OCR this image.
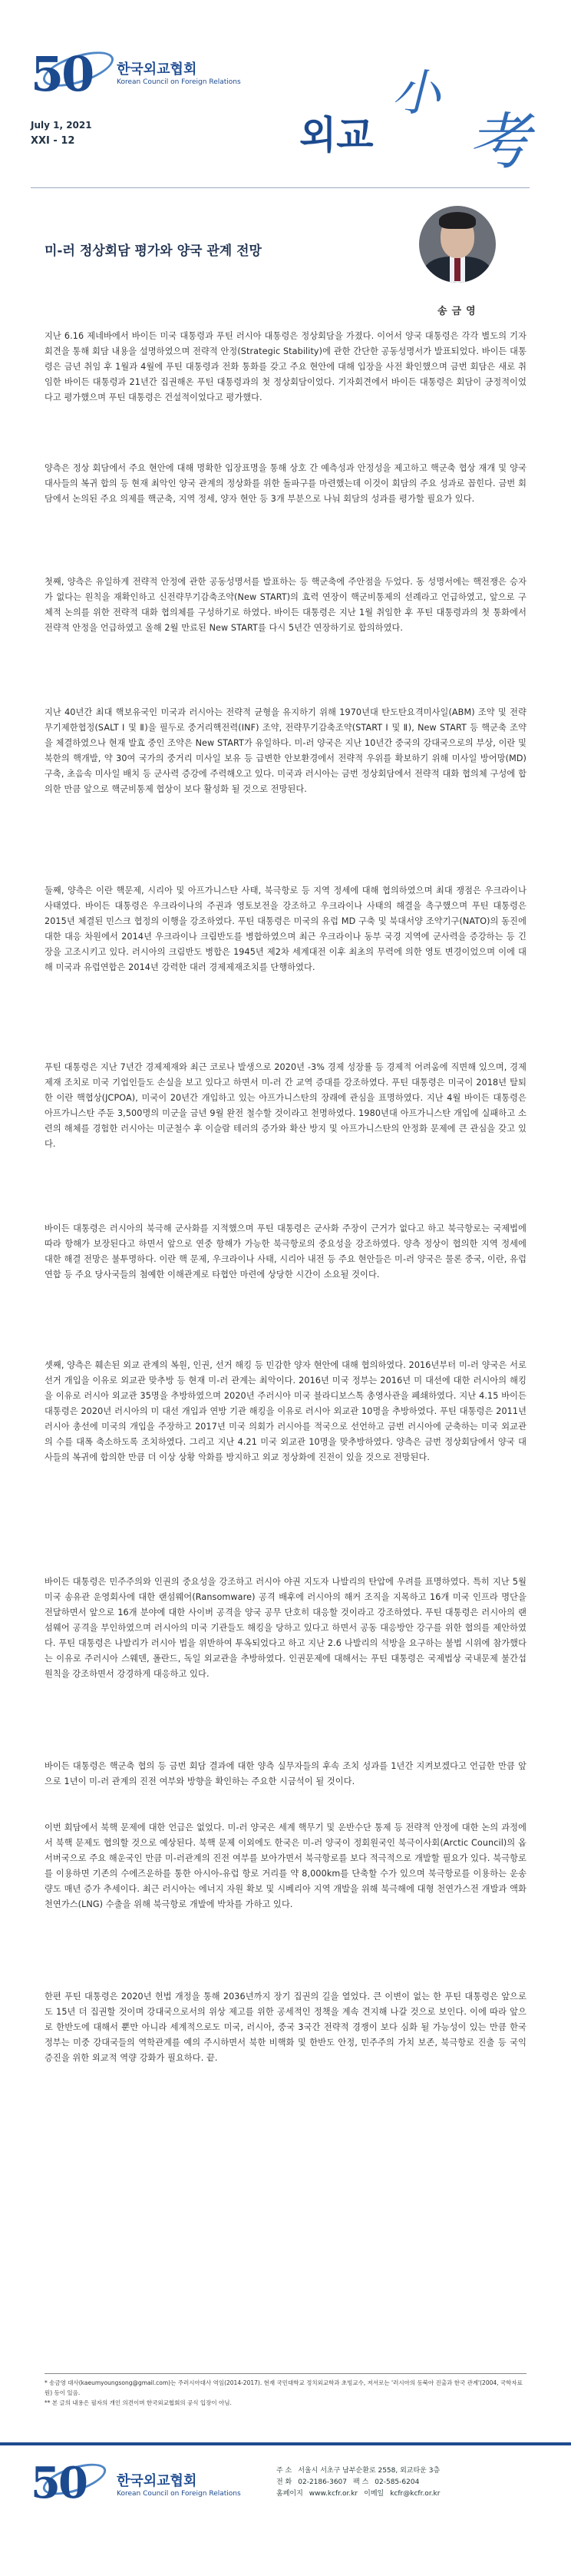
50 한국외교협회
Korean Council on Foreign Relations
July 1, 2021
XXI - 12
小
외교 考
미-러 정상회담 평가와 양국 관계 전망
송금영
지난 6.16 제네바에서 바이든 미국 대통령과 푸틴 러시아 대통령은 정상회담을 가졌다. 이어서 양국 대통령은 각각 별도의 기자회견을 통해 회담 내용을 설명하였으며 전략적 안정(Strategic Stability)에 관한 간단한 공동성명서가 발표되었다. 바이든 대통령은 금년 취임 후 1월과 4월에 푸틴 대통령과 전화 통화를 갖고 주요 현안에 대해 입장을 사전 확인했으며 금번 회담은 새로 취임한 바이든 대통령과 21년간 집권해온 푸틴 대통령과의 첫 정상회담이었다. 기자회견에서 바이든 대통령은 회담이 긍정적이었다고 평가했으며 푸틴 대통령은 건설적이었다고 평가했다.
양측은 정상 회담에서 주요 현안에 대해 명확한 입장표명을 통해 상호 간 예측성과 안정성을 제고하고 핵군축 협상 재개 및 양국 대사들의 복귀 합의 등 현재 최악인 양국 관계의 정상화를 위한 돌파구를 마련했는데 이것이 회담의 주요 성과로 꼽힌다. 금번 회담에서 논의된 주요 의제를 핵군축, 지역 정세, 양자 현안 등 3개 부분으로 나눠 회담의 성과를 평가할 필요가 있다.
첫째, 양측은 유일하게 전략적 안정에 관한 공동성명서를 발표하는 등 핵군축에 주안점을 두었다. 동 성명서에는 핵전쟁은 승자가 없다는 원칙을 재확인하고 신전략무기감축조약(New START)의 효력 연장이 핵군비통제의 선례라고 언급하였고, 앞으로 구체적 논의를 위한 전략적 대화 협의체를 구성하기로 하였다. 바이든 대통령은 지난 1월 취임한 후 푸틴 대통령과의 첫 통화에서 전략적 안정을 언급하였고 올해 2월 만료된 New START를 다시 5년간 연장하기로 합의하였다.
지난 40년간 최대 핵보유국인 미국과 러시아는 전략적 균형을 유지하기 위해 1970년대 탄도탄요격미사일(ABM) 조약 및 전략무기제한협정(SALT Ⅰ 및 Ⅱ)을 필두로 중거리핵전력(INF) 조약, 전략무기감축조약(START Ⅰ 및 Ⅱ), New START 등 핵군축 조약을 체결하였으나 현재 발효 중인 조약은 New START가 유일하다. 미-러 양국은 지난 10년간 중국의 강대국으로의 부상, 이란 및 북한의 핵개발, 약 30여 국가의 중거리 미사일 보유 등 급변한 안보환경에서 전략적 우위를 확보하기 위해 미사일 방어망(MD) 구축, 초음속 미사일 배치 등 군사력 증강에 주력해오고 있다. 미국과 러시아는 금번 정상회담에서 전략적 대화 협의체 구성에 합의한 만큼 앞으로 핵군비통제 협상이 보다 활성화 될 것으로 전망된다.
둘째, 양측은 이란 핵문제, 시리아 및 아프가니스탄 사태, 북극항로 등 지역 정세에 대해 협의하였으며 최대 쟁점은 우크라이나 사태였다. 바이든 대통령은 우크라이나의 주권과 영토보전을 강조하고 우크라이나 사태의 해결을 촉구했으며 푸틴 대통령은 2015년 체결된 민스크 협정의 이행을 강조하였다. 푸틴 대통령은 미국의 유럽 MD 구축 및 북대서양 조약기구(NATO)의 동진에 대한 대응 차원에서 2014년 우크라이나 크림반도를 병합하였으며 최근 우크라이나 동부 국경 지역에 군사력을 증강하는 등 긴장을 고조시키고 있다. 러시아의 크림반도 병합은 1945년 제2차 세계대전 이후 최초의 무력에 의한 영토 변경이었으며 이에 대해 미국과 유럽연합은 2014년 강력한 대러 경제제재조치를 단행하였다.
푸틴 대통령은 지난 7년간 경제제재와 최근 코로나 발생으로 2020년 -3% 경제 성장률 등 경제적 어려움에 직면해 있으며, 경제제재 조치로 미국 기업인들도 손실을 보고 있다고 하면서 미-러 간 교역 증대를 강조하였다. 푸틴 대통령은 미국이 2018년 탈퇴한 이란 핵협상(JCPOA), 미국이 20년간 개입하고 있는 아프가니스탄의 장래에 관심을 표명하였다. 지난 4월 바이든 대통령은 아프가니스탄 주둔 3,500명의 미군을 금년 9월 완전 철수할 것이라고 천명하였다. 1980년대 아프가니스탄 개입에 실패하고 소련의 해체를 경험한 러시아는 미군철수 후 이슬람 테러의 증가와 확산 방지 및 아프가니스탄의 안정화 문제에 큰 관심을 갖고 있다.
바이든 대통령은 러시아의 북극해 군사화를 지적했으며 푸틴 대통령은 군사화 주장이 근거가 없다고 하고 북극항로는 국제법에 따라 항해가 보장된다고 하면서 앞으로 연중 항해가 가능한 북극항로의 중요성을 강조하였다. 양측 정상이 협의한 지역 정세에 대한 해결 전망은 불투명하다. 이란 핵 문제, 우크라이나 사태, 시리아 내전 등 주요 현안들은 미-러 양국은 물론 중국, 이란, 유럽연합 등 주요 당사국들의 첨예한 이해관계로 타협안 마련에 상당한 시간이 소요될 것이다.
셋째, 양측은 훼손된 외교 관계의 복원, 인권, 선거 해킹 등 민감한 양자 현안에 대해 협의하였다. 2016년부터 미-러 양국은 서로 선거 개입을 이유로 외교관 맞추방 등 현재 미-러 관계는 최악이다. 2016년 미국 정부는 2016년 미 대선에 대한 러시아의 해킹을 이유로 러시아 외교관 35명을 추방하였으며 2020년 주러시아 미국 블라디보스톡 총영사관을 폐쇄하였다. 지난 4.15 바이든 대통령은 2020년 러시아의 미 대선 개입과 연방 기관 해킹을 이유로 러시아 외교관 10명을 추방하였다. 푸틴 대통령은 2011년 러시아 총선에 미국의 개입을 주장하고 2017년 미국 의회가 러시아를 적국으로 선언하고 금번 러시아에 군축하는 미국 외교관의 수를 대폭 축소하도록 조치하였다. 그리고 지난 4.21 미국 외교관 10명을 맞추방하였다. 양측은 금번 정상회담에서 양국 대사들의 복귀에 합의한 만큼 더 이상 상황 악화를 방지하고 외교 정상화에 진전이 있을 것으로 전망된다.
바이든 대통령은 민주주의와 인권의 중요성을 강조하고 러시아 야권 지도자 나발리의 탄압에 우려를 표명하였다. 특히 지난 5월 미국 송유관 운영회사에 대한 랜섬웨어(Ransomware) 공격 배후에 러시아의 해커 조직을 지목하고 16개 미국 인프라 명단을 전달하면서 앞으로 16개 분야에 대한 사이버 공격을 양국 공무 단호히 대응할 것이라고 강조하였다. 푸틴 대통령은 러시아의 랜섬웨어 공격을 부인하였으며 러시아의 미국 기관들도 해킹을 당하고 있다고 하면서 공동 대응방안 강구를 위한 협의를 제안하였다. 푸틴 대통령은 나발리가 러시아 법을 위반하여 투옥되었다고 하고 지난 2.6 나발리의 석방을 요구하는 불법 시위에 참가했다는 이유로 주러시아 스웨덴, 폴란드, 독일 외교관을 추방하였다. 인권문제에 대해서는 푸틴 대통령은 국제법상 국내문제 불간섭 원칙을 강조하면서 강경하게 대응하고 있다.
바이든 대통령은 핵군축 협의 등 금번 회담 결과에 대한 양측 실무자들의 후속 조치 성과를 1년간 지켜보겠다고 언급한 만큼 앞으로 1년이 미-러 관계의 진전 여부와 방향을 확인하는 주요한 시금석이 될 것이다.
이번 회담에서 북핵 문제에 대한 언급은 없었다. 미-러 양국은 세계 핵무기 및 운반수단 통제 등 전략적 안정에 대한 논의 과정에서 북핵 문제도 협의할 것으로 예상된다. 북핵 문제 이외에도 한국은 미-러 양국이 정회원국인 북극이사회(Arctic Council)의 옵서버국으로 주요 해운국인 만큼 미-러관계의 진전 여부를 보아가면서 북극항로를 보다 적극적으로 개발할 필요가 있다. 북극항로를 이용하면 기존의 수에즈운하를 통한 아시아-유럽 항로 거리를 약 8,000km를 단축할 수가 있으며 북극항로를 이용하는 운송량도 매년 증가 추세이다. 최근 러시아는 에너지 자원 확보 및 시베리아 지역 개발을 위해 북극해에 대형 천연가스전 개발과 액화천연가스(LNG) 수출을 위해 북극항로 개발에 박차를 가하고 있다.
한편 푸틴 대통령은 2020년 헌법 개정을 통해 2036년까지 장기 집권의 길을 열었다. 큰 이변이 없는 한 푸틴 대통령은 앞으로도 15년 더 집권할 것이며 강대국으로서의 위상 제고를 위한 공세적인 정책을 계속 견지해 나갈 것으로 보인다. 이에 따라 앞으로 한반도에 대해서 뿐만 아니라 세계적으로도 미국, 러시아, 중국 3국간 전략적 경쟁이 보다 심화 될 가능성이 있는 만큼 한국 정부는 미중 강대국들의 역학관계를 예의 주시하면서 북한 비핵화 및 한반도 안정, 민주주의 가치 보존, 북극항로 진출 등 국익 증진을 위한 외교적 역량 강화가 필요하다. 끝.
* 송금영 대사(kaeumyoungsong@gmail.com)는 주러시아대사 역임(2014-2017). 현재 국민대학교 정치외교학과 초빙교수, 저서로는 '러시아의 동북아 진출과 한국 관계'(2004, 국학자료원) 등이 있음.
** 본 글의 내용은 필자의 개인 의견이며 한국외교협회의 공식 입장이 아님.
50 한국외교협회
Korean Council on Foreign Relations
주 소 서울시 서초구 남부순환로 2558, 외교타운 3층
전 화 02-2186-3607 팩 스 02-585-6204
홈페이지 www.kcfr.or.kr 이메일 kcfr@kcfr.or.kr
